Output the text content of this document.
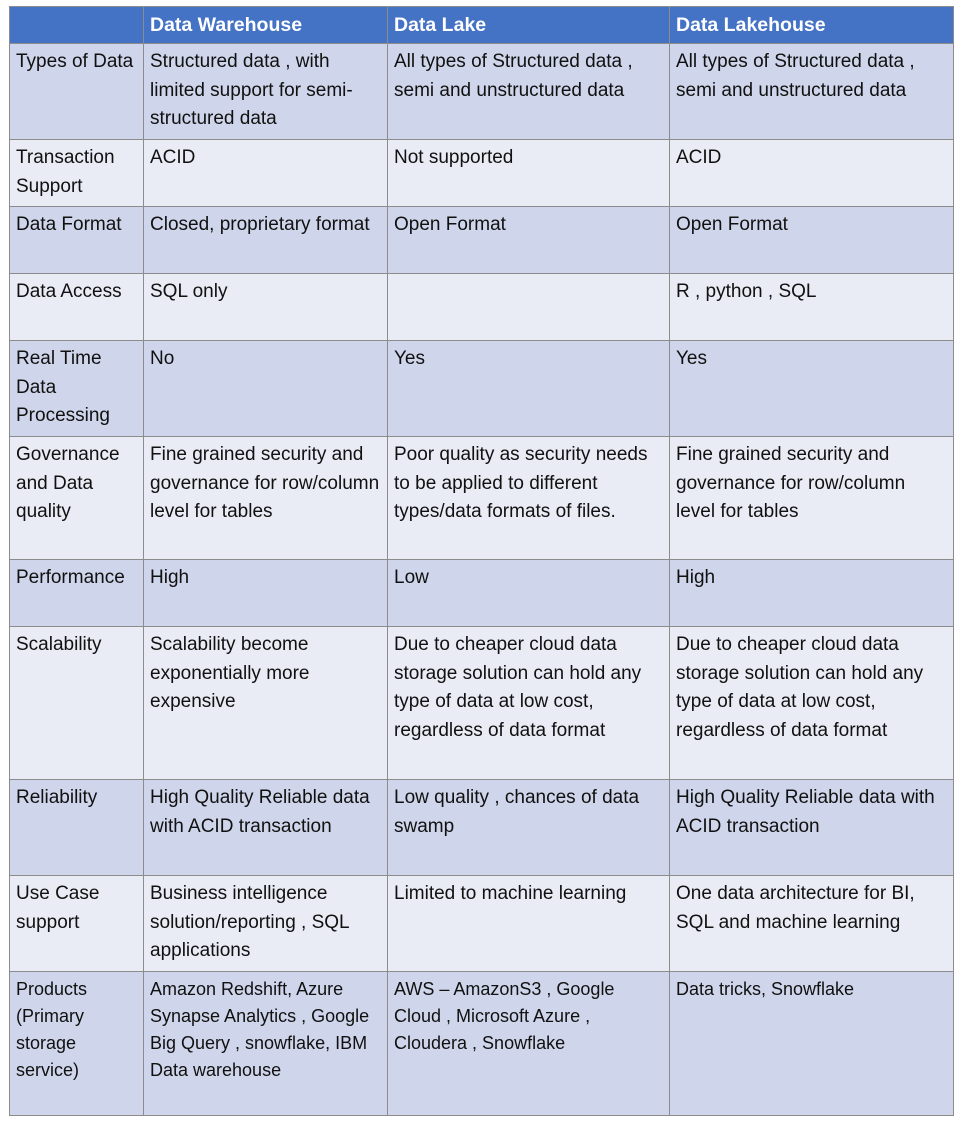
	Data Warehouse	Data Lake	Data Lakehouse
Types of Data	Structured data , with limited support for semi-structured data	All types of Structured data , semi and unstructured data	All types of Structured data , semi and unstructured data
Transaction Support	ACID	Not supported	ACID
Data Format	Closed, proprietary format	Open Format	Open Format
Data Access	SQL only		R , python , SQL
Real Time Data Processing	No	Yes	Yes
Governance and Data quality	Fine grained security and governance for row/column level for tables	Poor quality as security needs to be applied to different types/data formats of files.	Fine grained security and governance for row/column level for tables
Performance	High	Low	High
Scalability	Scalability become exponentially more expensive	Due to cheaper cloud data storage solution can hold any type of data at low cost, regardless of data format	Due to cheaper cloud data storage solution can hold any type of data at low cost, regardless of data format
Reliability	High Quality Reliable data with ACID transaction	Low quality , chances of data swamp	High Quality Reliable data with ACID transaction
Use Case support	Business intelligence solution/reporting , SQL applications	Limited to machine learning	One data architecture for BI, SQL and machine learning
Products (Primary storage service)	Amazon Redshift, Azure Synapse Analytics , Google Big Query , snowflake, IBM Data warehouse	AWS – AmazonS3 , Google Cloud , Microsoft Azure , Cloudera , Snowflake	Data tricks, Snowflake
